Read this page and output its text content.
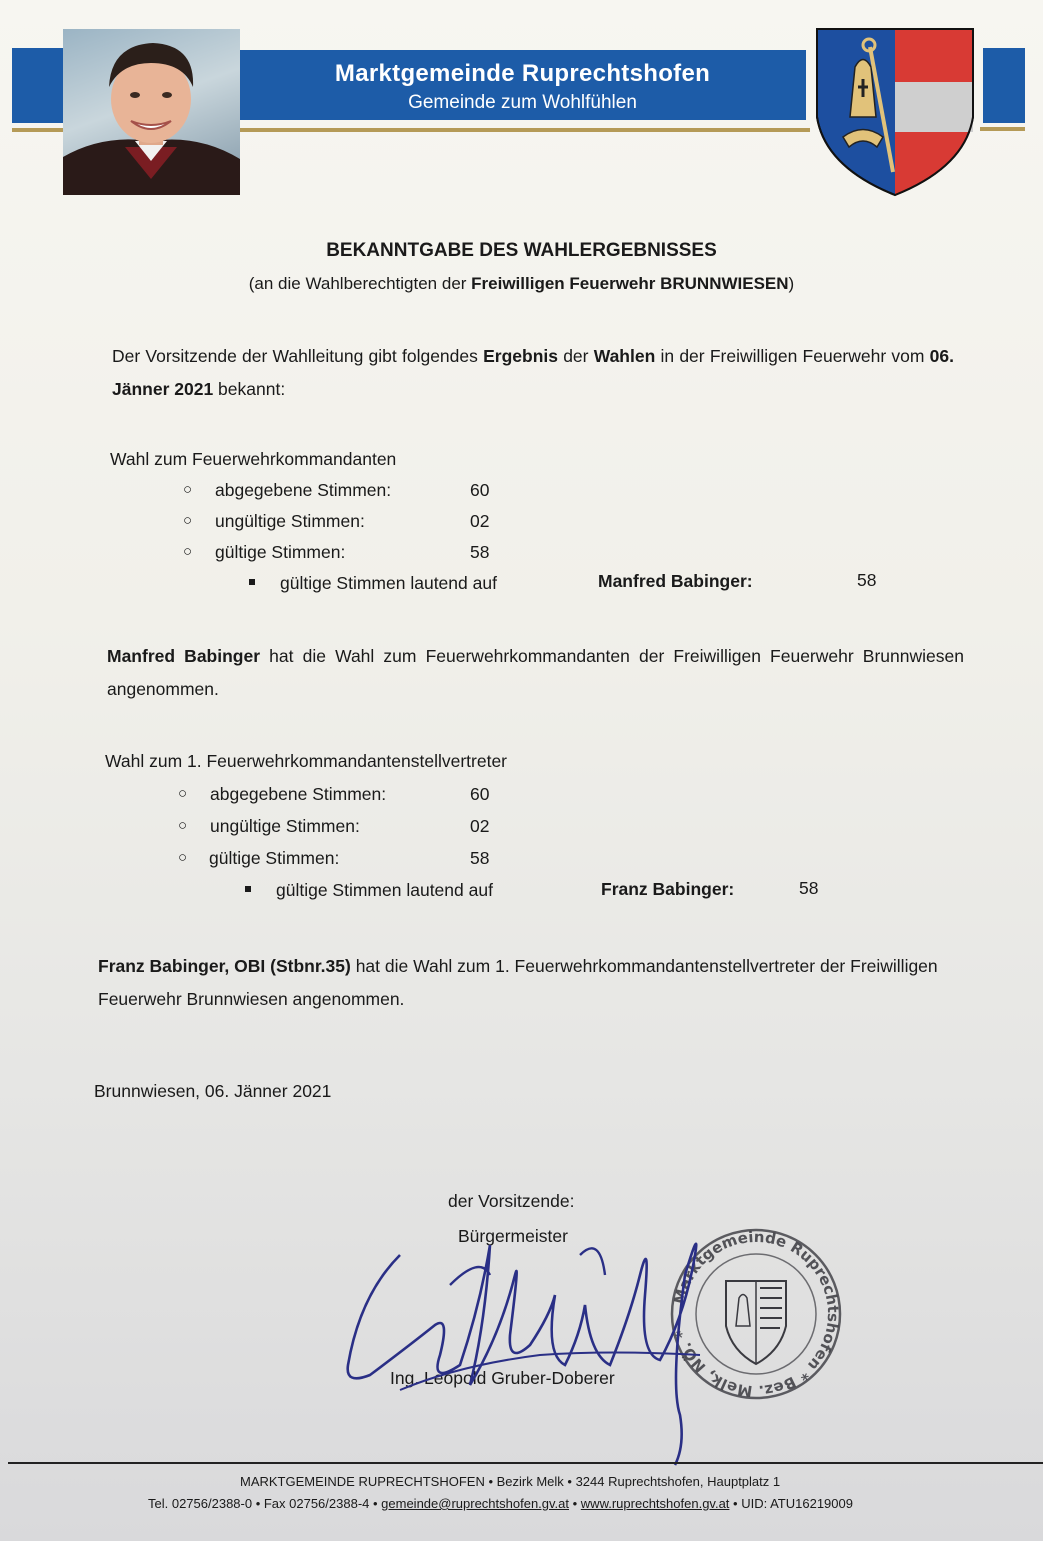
Marktgemeinde Ruprechtshofen
Gemeinde zum Wohlfühlen
BEKANNTGABE DES WAHLERGEBNISSES
(an die Wahlberechtigten der Freiwilligen Feuerwehr BRUNNWIESEN)
Der Vorsitzende der Wahlleitung gibt folgendes Ergebnis der Wahlen in der Freiwilligen Feuerwehr vom 06. Jänner 2021 bekannt:
Wahl zum Feuerwehrkommandanten
○ abgegebene Stimmen:	60
○ ungültige Stimmen:	02
○ gültige Stimmen:	58
gültige Stimmen lautend auf	Manfred Babinger:	58
Manfred Babinger hat die Wahl zum Feuerwehrkommandanten der Freiwilligen Feuerwehr Brunnwiesen angenommen.
Wahl zum 1. Feuerwehrkommandantenstellvertreter
○ abgegebene Stimmen:	60
○ ungültige Stimmen:	02
○ gültige Stimmen:	58
gültige Stimmen lautend auf	Franz Babinger:	58
Franz Babinger, OBI (Stbnr.35) hat die Wahl zum 1. Feuerwehrkommandantenstellvertreter der Freiwilligen Feuerwehr Brunnwiesen angenommen.
Brunnwiesen, 06. Jänner 2021
der Vorsitzende:
Bürgermeister
Marktgemeinde Ruprechtshofen * Bez. Melk, NÖ. *
Ing. Leopold Gruber-Doberer
MARKTGEMEINDE RUPRECHTSHOFEN • Bezirk Melk • 3244 Ruprechtshofen, Hauptplatz 1
Tel. 02756/2388-0 • Fax 02756/2388-4 • gemeinde@ruprechtshofen.gv.at • www.ruprechtshofen.gv.at • UID: ATU16219009
